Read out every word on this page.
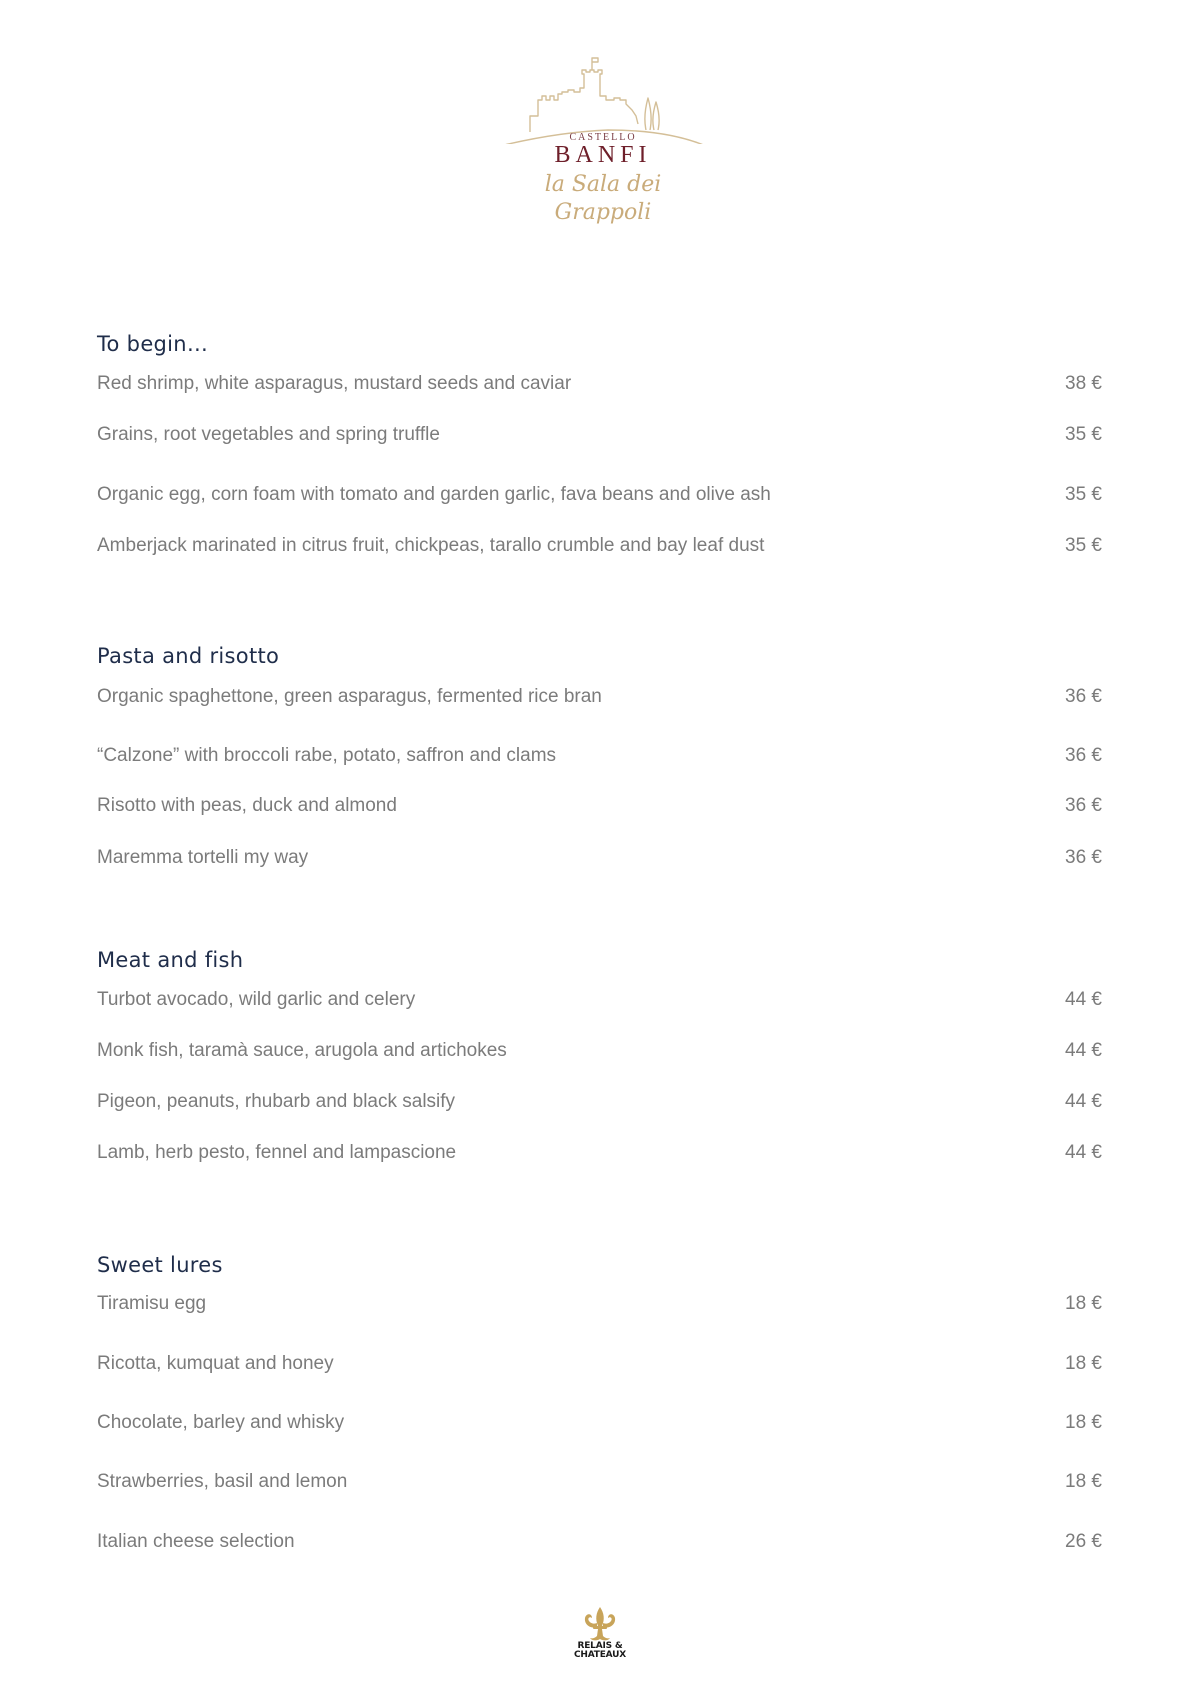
CASTELLO
BANFI
la Sala dei Grappoli
To begin…
Red shrimp, white asparagus, mustard seeds and caviar	38 €
Grains, root vegetables and spring truffle	35 €
Organic egg, corn foam with tomato and garden garlic, fava beans and olive ash	35 €
Amberjack marinated in citrus fruit, chickpeas, tarallo crumble and bay leaf dust	35 €
Pasta and risotto
Organic spaghettone, green asparagus, fermented rice bran	36 €
“Calzone” with broccoli rabe, potato, saffron and clams	36 €
Risotto with peas, duck and almond	36 €
Maremma tortelli my way	36 €
Meat and fish
Turbot avocado, wild garlic and celery	44 €
Monk fish, taramà sauce, arugola and artichokes	44 €
Pigeon, peanuts, rhubarb and black salsify	44 €
Lamb, herb pesto, fennel and lampascione	44 €
Sweet lures
Tiramisu egg	18 €
Ricotta, kumquat and honey	18 €
Chocolate, barley and whisky	18 €
Strawberries, basil and lemon	18 €
Italian cheese selection	26 €
RELAIS &
CHATEAUX
